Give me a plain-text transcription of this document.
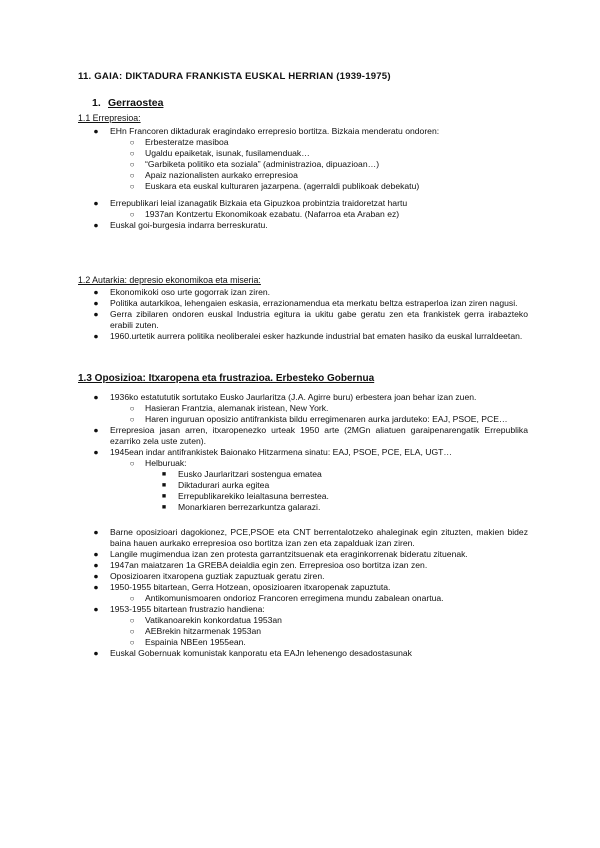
11. GAIA: DIKTADURA FRANKISTA EUSKAL HERRIAN (1939-1975)
1. Gerraostea
1.1 Errepresioa:
● EHn Francoren diktadurak eragindako errepresio bortitza. Bizkaia menderatu ondoren:
○ Erbesteratze masiboa
○ Ugaldu epaiketak, isunak, fusilamenduak…
○ “Garbiketa politiko eta soziala” (administrazioa, dipuazioan…)
○ Apaiz nazionalisten aurkako errepresioa
○ Euskara eta euskal kulturaren jazarpena. (agerraldi publikoak debekatu)
● Errepublikari leial izanagatik Bizkaia eta Gipuzkoa probintzia traidoretzat hartu
○ 1937an Kontzertu Ekonomikoak ezabatu. (Nafarroa eta Araban ez)
● Euskal goi-burgesia indarra berreskuratu.
1.2 Autarkia: depresio ekonomikoa eta miseria:
● Ekonomikoki oso urte gogorrak izan ziren.
● Politika autarkikoa, lehengaien eskasia, errazionamendua eta merkatu beltza estraperloa izan ziren nagusi.
● Gerra zibilaren ondoren euskal Industria egitura ia ukitu gabe geratu zen eta frankistek gerra irabazteko erabili zuten.
● 1960.urtetik aurrera politika neoliberalei esker hazkunde industrial bat ematen hasiko da euskal lurraldeetan.
1.3 Oposizioa: Itxaropena eta frustrazioa. Erbesteko Gobernua
● 1936ko estatututik sortutako Eusko Jaurlaritza (J.A. Agirre buru) erbestera joan behar izan zuen.
○ Hasieran Frantzia, alemanak iristean, New York.
○ Haren inguruan oposizio antifrankista bildu erregimenaren aurka jarduteko: EAJ, PSOE, PCE…
● Errepresioa jasan arren, itxaropenezko urteak 1950 arte (2MGn aliatuen garaipenarengatik Errepublika ezarriko zela uste zuten).
● 1945ean indar antifrankistek Baionako Hitzarmena sinatu: EAJ, PSOE, PCE, ELA, UGT…
○ Helburuak:
■ Eusko Jaurlaritzari sostengua ematea
■ Diktadurari aurka egitea
■ Errepublikarekiko leialtasuna berrestea.
■ Monarkiaren berrezarkuntza galarazi.
● Barne oposizioari dagokionez, PCE,PSOE eta CNT berrentalotzeko ahaleginak egin zituzten, makien bidez baina hauen aurkako errepresioa oso bortitza izan zen eta zapalduak izan ziren.
● Langile mugimendua izan zen protesta garrantzitsuenak eta eraginkorrenak bideratu zituenak.
● 1947an maiatzaren 1a GREBA deialdia egin zen. Errepresioa oso bortitza izan zen.
● Oposizioaren itxaropena guztiak zapuztuak geratu ziren.
● 1950-1955 bitartean, Gerra Hotzean, oposizioaren itxaropenak zapuztuta.
○ Antikomunismoaren ondorioz Francoren erregimena mundu zabalean onartua.
● 1953-1955 bitartean frustrazio handiena:
○ Vatikanoarekin konkordatua 1953an
○ AEBrekin hitzarmenak 1953an
○ Espainia NBEen 1955ean.
● Euskal Gobernuak komunistak kanporatu eta EAJn lehenengo desadostasunak
